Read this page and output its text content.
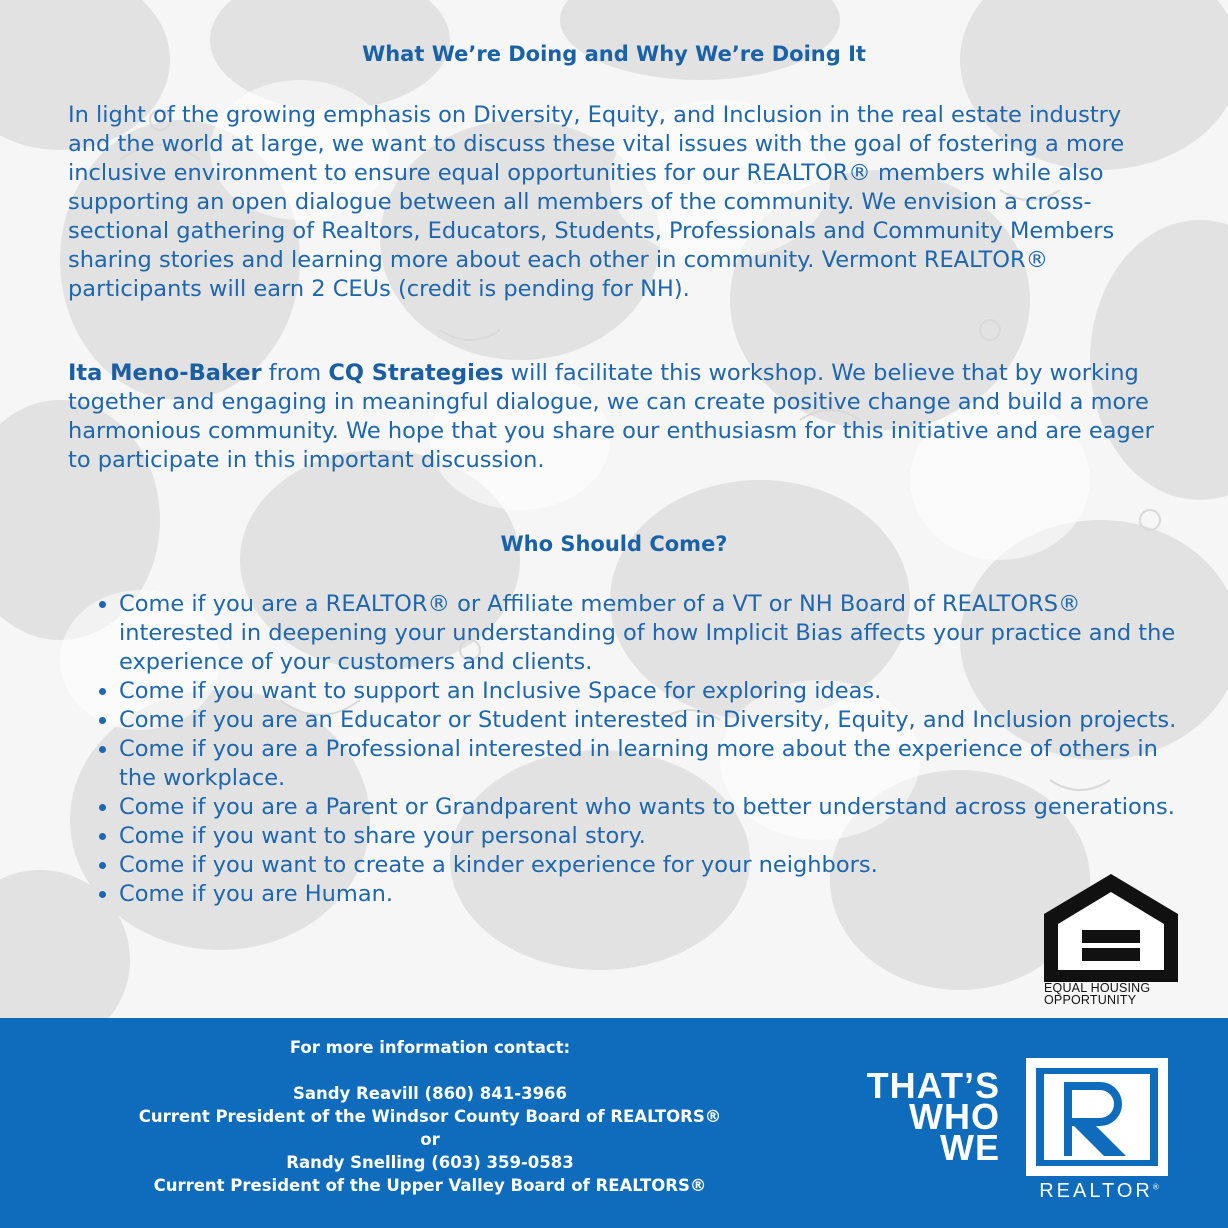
What We’re Doing and Why We’re Doing It

In light of the growing emphasis on Diversity, Equity, and Inclusion in the real estate industry and the world at large, we want to discuss these vital issues with the goal of fostering a more inclusive environment to ensure equal opportunities for our REALTOR® members while also supporting an open dialogue between all members of the community. We envision a cross-sectional gathering of Realtors, Educators, Students, Professionals and Community Members sharing stories and learning more about each other in community. Vermont REALTOR® participants will earn 2 CEUs (credit is pending for NH).

Ita Meno-Baker from CQ Strategies will facilitate this workshop. We believe that by working together and engaging in meaningful dialogue, we can create positive change and build a more harmonious community. We hope that you share our enthusiasm for this initiative and are eager to participate in this important discussion.

Who Should Come?
• Come if you are a REALTOR® or Affiliate member of a VT or NH Board of REALTORS® interested in deepening your understanding of how Implicit Bias affects your practice and the experience of your customers and clients.
• Come if you want to support an Inclusive Space for exploring ideas.
• Come if you are an Educator or Student interested in Diversity, Equity, and Inclusion projects.
• Come if you are a Professional interested in learning more about the experience of others in the workplace.
• Come if you are a Parent or Grandparent who wants to better understand across generations.
• Come if you want to share your personal story.
• Come if you want to create a kinder experience for your neighbors.
• Come if you are Human.
EQUAL HOUSING
OPPORTUNITY
For more information contact:
Sandy Reavill (860) 841-3966
Current President of the Windsor County Board of REALTORS®
or
Randy Snelling (603) 359-0583
Current President of the Upper Valley Board of REALTORS®
THAT’S
WHO
WE
REALTOR®
